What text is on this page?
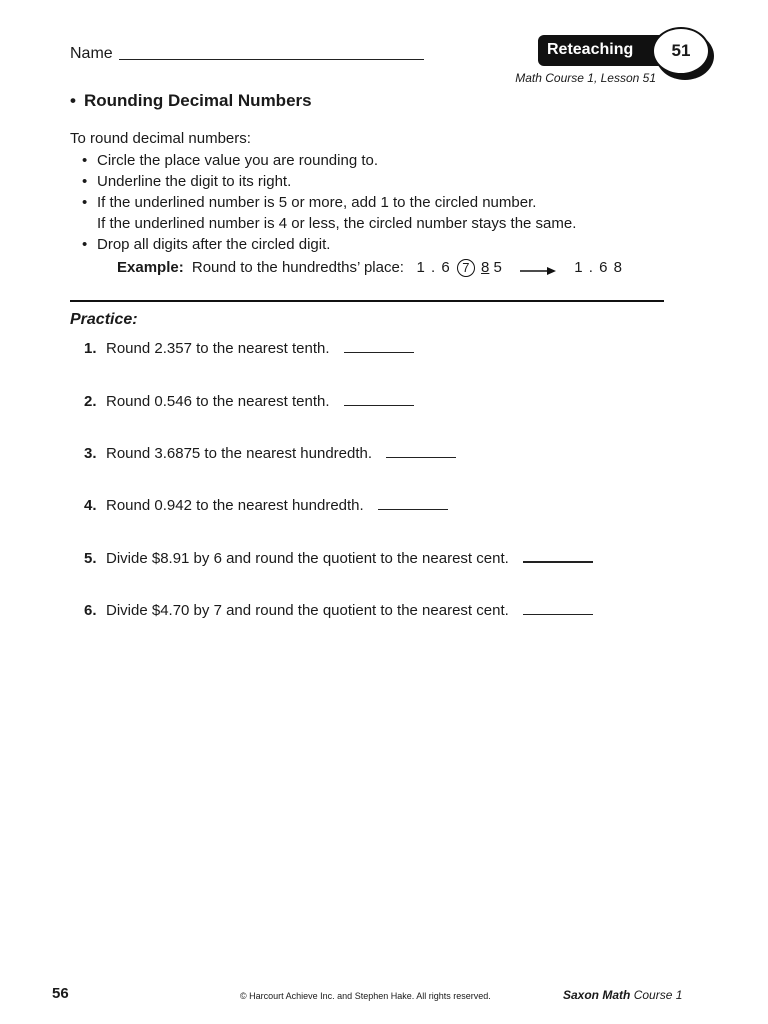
Name	Reteaching	51
Math Course 1, Lesson 51
• Rounding Decimal Numbers
To round decimal numbers:
• Circle the place value you are rounding to.
• Underline the digit to its right.
• If the underlined number is 5 or more, add 1 to the circled number.
If the underlined number is 4 or less, the circled number stays the same.
• Drop all digits after the circled digit.
Example: Round to the hundredths’ place: 1 . 6 7 8 5	1 . 6 8
Practice:
1. Round 2.357 to the nearest tenth.
2. Round 0.546 to the nearest tenth.
3. Round 3.6875 to the nearest hundredth.
4. Round 0.942 to the nearest hundredth.
5. Divide $8.91 by 6 and round the quotient to the nearest cent.
6. Divide $4.70 by 7 and round the quotient to the nearest cent.
56	© Harcourt Achieve Inc. and Stephen Hake. All rights reserved.	Saxon Math Course 1
